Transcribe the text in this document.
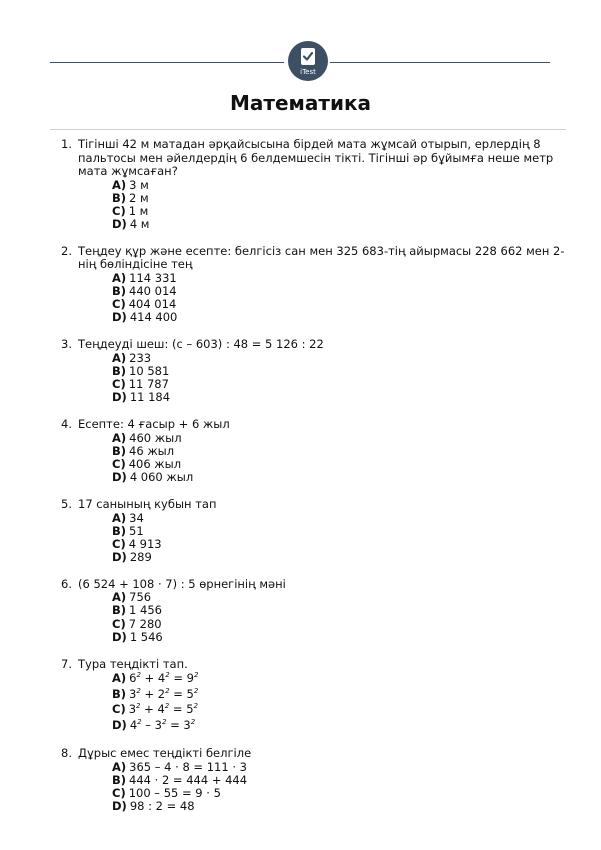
iTest
Математика
1. Тігінші 42 м матадан әрқайсысына бірдей мата жұмсай отырып, ерлердің 8 пальтосы мен әйелдердің 6 белдемшесін тікті. Тігінші әр бұйымға неше метр мата жұмсаған?
A) 3 м
B) 2 м
C) 1 м
D) 4 м
2. Теңдеу құр және есепте: белгісіз сан мен 325 683-тің айырмасы 228 662 мен 2-нің бөліндісіне тең
A) 114 331
B) 440 014
C) 404 014
D) 414 400
3. Теңдеуді шеш: (с – 603) : 48 = 5 126 : 22
A) 233
B) 10 581
C) 11 787
D) 11 184
4. Есепте: 4 ғасыр + 6 жыл
A) 460 жыл
B) 46 жыл
C) 406 жыл
D) 4 060 жыл
5. 17 санының кубын тап
A) 34
B) 51
C) 4 913
D) 289
6. (6 524 + 108 · 7) : 5 өрнегінің мәні
A) 756
B) 1 456
C) 7 280
D) 1 546
7. Тура теңдікті тап.
A) $6^2 + 4^2 = 9^2$
B) $3^2 + 2^2 = 5^2$
C) $3^2 + 4^2 = 5^2$
D) $4^2 - 3^2 = 3^2$
8. Дұрыс емес теңдікті белгіле
A) 365 – 4 · 8 = 111 · 3
B) 444 · 2 = 444 + 444
C) 100 – 55 = 9 · 5
D) 98 : 2 = 48
